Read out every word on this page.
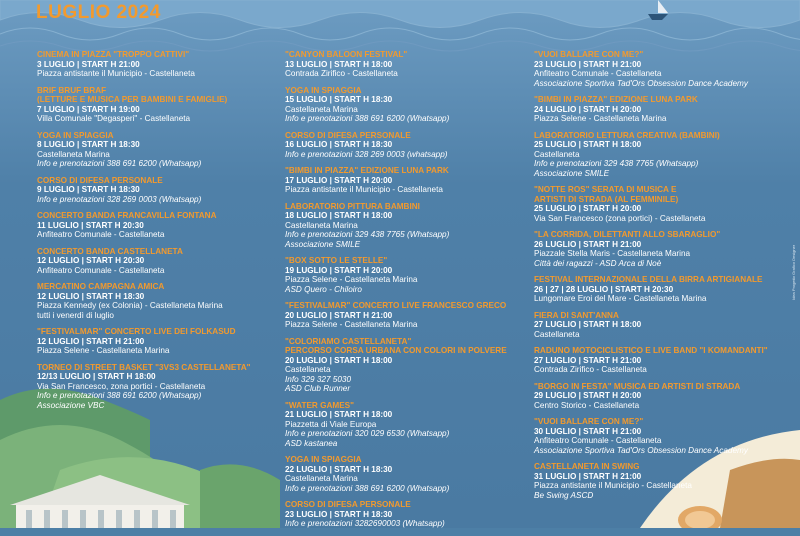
LUGLIO 2024
CINEMA IN PIAZZA "TROPPO CATTIVI"
3 LUGLIO | START H 21:00
Piazza antistante il Municipio - Castellaneta
BRIF BRUF BRAF
(LETTURE E MUSICA PER BAMBINI E FAMIGLIE)
7 LUGLIO | START H 19:00
Villa Comunale "Degasperi" - Castellaneta
YOGA IN SPIAGGIA
8 LUGLIO | START H 18:30
Castellaneta Marina
Info e prenotazioni 388 691 6200 (Whatsapp)
CORSO DI DIFESA PERSONALE
9 LUGLIO | START H 18:30
Info e prenotazioni 328 269 0003 (Whatsapp)
CONCERTO BANDA FRANCAVILLA FONTANA
11 LUGLIO | START H 20:30
Anfiteatro Comunale - Castellaneta
CONCERTO BANDA CASTELLANETA
12 LUGLIO | START H 20:30
Anfiteatro Comunale - Castellaneta
MERCATINO CAMPAGNA AMICA
12 LUGLIO | START H 18:30
Piazza Kennedy (ex Colonia) - Castellaneta Marina
tutti i venerdì di luglio
"FESTIVALMAR" CONCERTO LIVE DEI FOLKASUD
12 LUGLIO | START H 21:00
Piazza Selene - Castellaneta Marina
TORNEO DI STREET BASKET "3VS3 CASTELLANETA"
12/13 LUGLIO | START H 18:00
Via San Francesco, zona portici - Castellaneta
Info e prenotazioni 388 691 6200 (Whatsapp)
Associazione VBC
"CANYON BALOON FESTIVAL"
13 LUGLIO | START H 18:00
Contrada Zirifico - Castellaneta
YOGA IN SPIAGGIA
15 LUGLIO | START H 18:30
Castellaneta Marina
Info e prenotazioni 388 691 6200 (Whatsapp)
CORSO DI DIFESA PERSONALE
16 LUGLIO | START H 18:30
Info e prenotazioni 328 269 0003 (whatsapp)
"BIMBI IN PIAZZA" EDIZIONE LUNA PARK
17 LUGLIO | START H 20:00
Piazza antistante il Municipio - Castellaneta
LABORATORIO PITTURA BAMBINI
18 LUGLIO | START H 18:00
Castellaneta Marina
Info e prenotazioni 329 438 7765 (Whatsapp)
Associazione SMILE
"BOX SOTTO LE STELLE"
19 LUGLIO | START H 20:00
Piazza Selene - Castellaneta Marina
ASD Quero - Chiloiro
"FESTIVALMAR" CONCERTO LIVE FRANCESCO GRECO
20 LUGLIO | START H 21:00
Piazza Selene - Castellaneta Marina
"COLORIAMO CASTELLANETA"
PERCORSO CORSA URBANA CON COLORI IN POLVERE
20 LUGLIO | START H 18:00
Castellaneta
Info 329 327 5030
ASD Club Runner
"WATER GAMES"
21 LUGLIO | START H 18:00
Piazzetta di Viale Europa
Info e prenotazioni 320 029 6530 (Whatsapp)
ASD kastanea
YOGA IN SPIAGGIA
22 LUGLIO | START H 18:30
Castellaneta Marina
Info e prenotazioni 388 691 6200 (Whatsapp)
CORSO DI DIFESA PERSONALE
23 LUGLIO | START H 18:30
Info e prenotazioni 3282690003 (Whatsapp)
"VUOI BALLARE CON ME?"
23 LUGLIO | START H 21:00
Anfiteatro Comunale - Castellaneta
Associazione Sportiva Tad'Ors Obsession Dance Academy
"BIMBI IN PIAZZA" EDIZIONE LUNA PARK
24 LUGLIO | START H 20:00
Piazza Selene - Castellaneta Marina
LABORATORIO LETTURA CREATIVA (BAMBINI)
25 LUGLIO | START H 18:00
Castellaneta
Info e prenotazioni 329 438 7765 (Whatsapp)
Associazione SMILE
"NOTTE ROS" SERATA DI MUSICA E
ARTISTI DI STRADA (AL FEMMINILE)
25 LUGLIO | START H 20:00
Via San Francesco (zona portici) - Castellaneta
"LA CORRIDA, DILETTANTI ALLO SBARAGLIO"
26 LUGLIO | START H 21:00
Piazzale Stella Maris - Castellaneta Marina
Città dei ragazzi - ASD Arca di Noè
FESTIVAL INTERNAZIONALE DELLA BIRRA ARTIGIANALE
26 | 27 | 28 LUGLIO | START H 20:30
Lungomare Eroi del Mare - Castellaneta Marina
FIERA DI SANT'ANNA
27 LUGLIO | START H 18:00
Castellaneta
RADUNO MOTOCICLISTICO E LIVE BAND "I KOMANDANTI"
27 LUGLIO | START H 21:00
Contrada Zirifico - Castellaneta
"BORGO IN FESTA" MUSICA ED ARTISTI DI STRADA
29 LUGLIO | START H 20:00
Centro Storico - Castellaneta
"VUOI BALLARE CON ME?"
30 LUGLIO | START H 21:00
Anfiteatro Comunale - Castellaneta
Associazione Sportiva Tad'Ors Obsession Dance Academy
CASTELLANETA IN SWING
31 LUGLIO | START H 21:00
Piazza antistante il Municipio - Castellaneta
Be Swing ASCD
Idea Progetto Grafico Designer
